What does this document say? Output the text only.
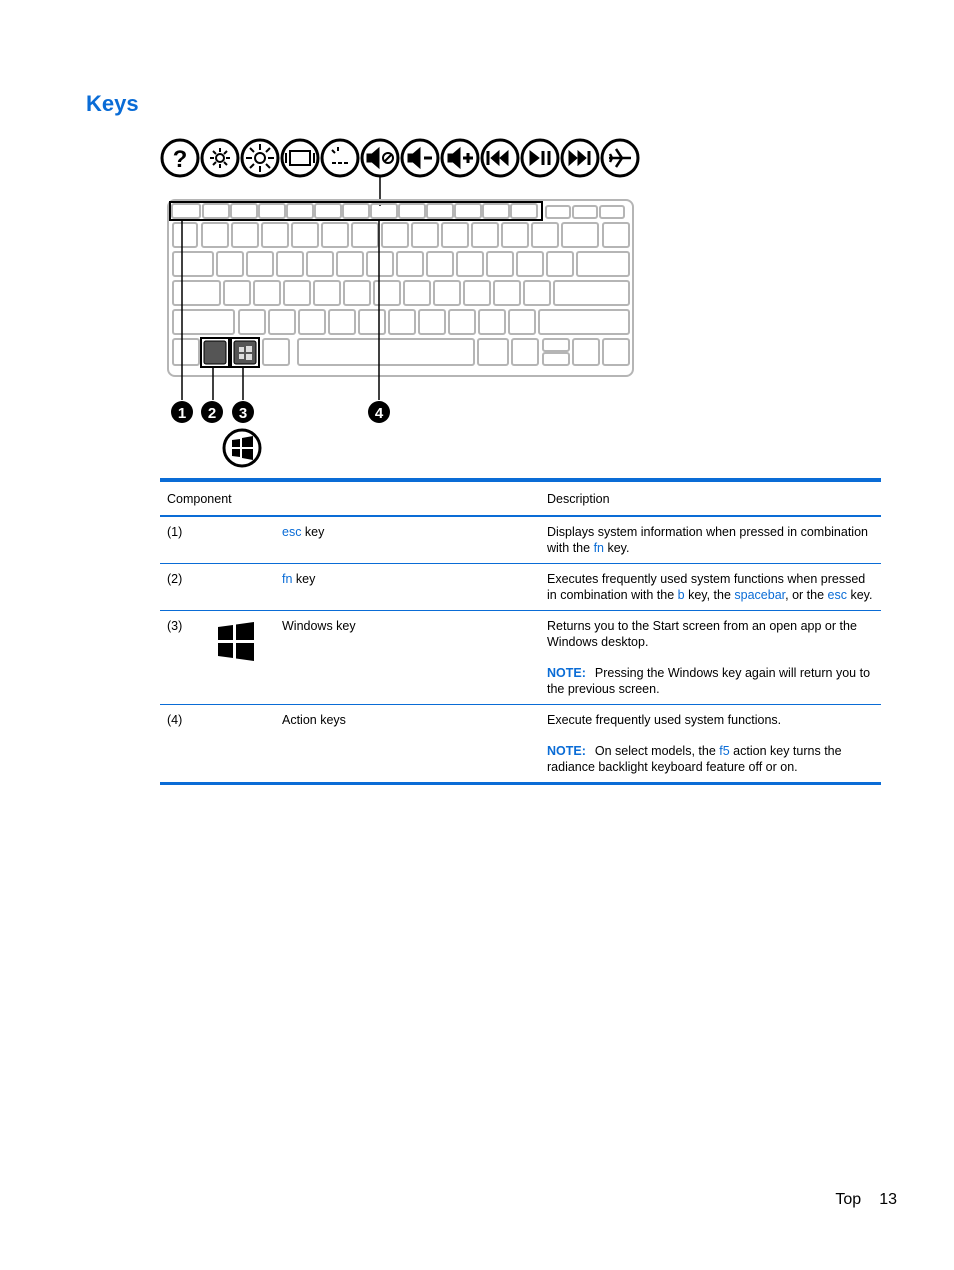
Keys
?
1 2 3	4
Component			Description
(1)		esc key	Displays system information when pressed in combination with the fn key.

(2)		fn key	Executes frequently used system functions when pressed in combination with the b key, the spacebar, or the esc key.

(3)		Windows key	Returns you to the Start screen from an open app or the Windows desktop.

NOTE: Pressing the Windows key again will return you to the previous screen.

(4)		Action keys	Execute frequently used system functions.

NOTE: On select models, the f5 action key turns the radiance backlight keyboard feature off or on.

Top 13
